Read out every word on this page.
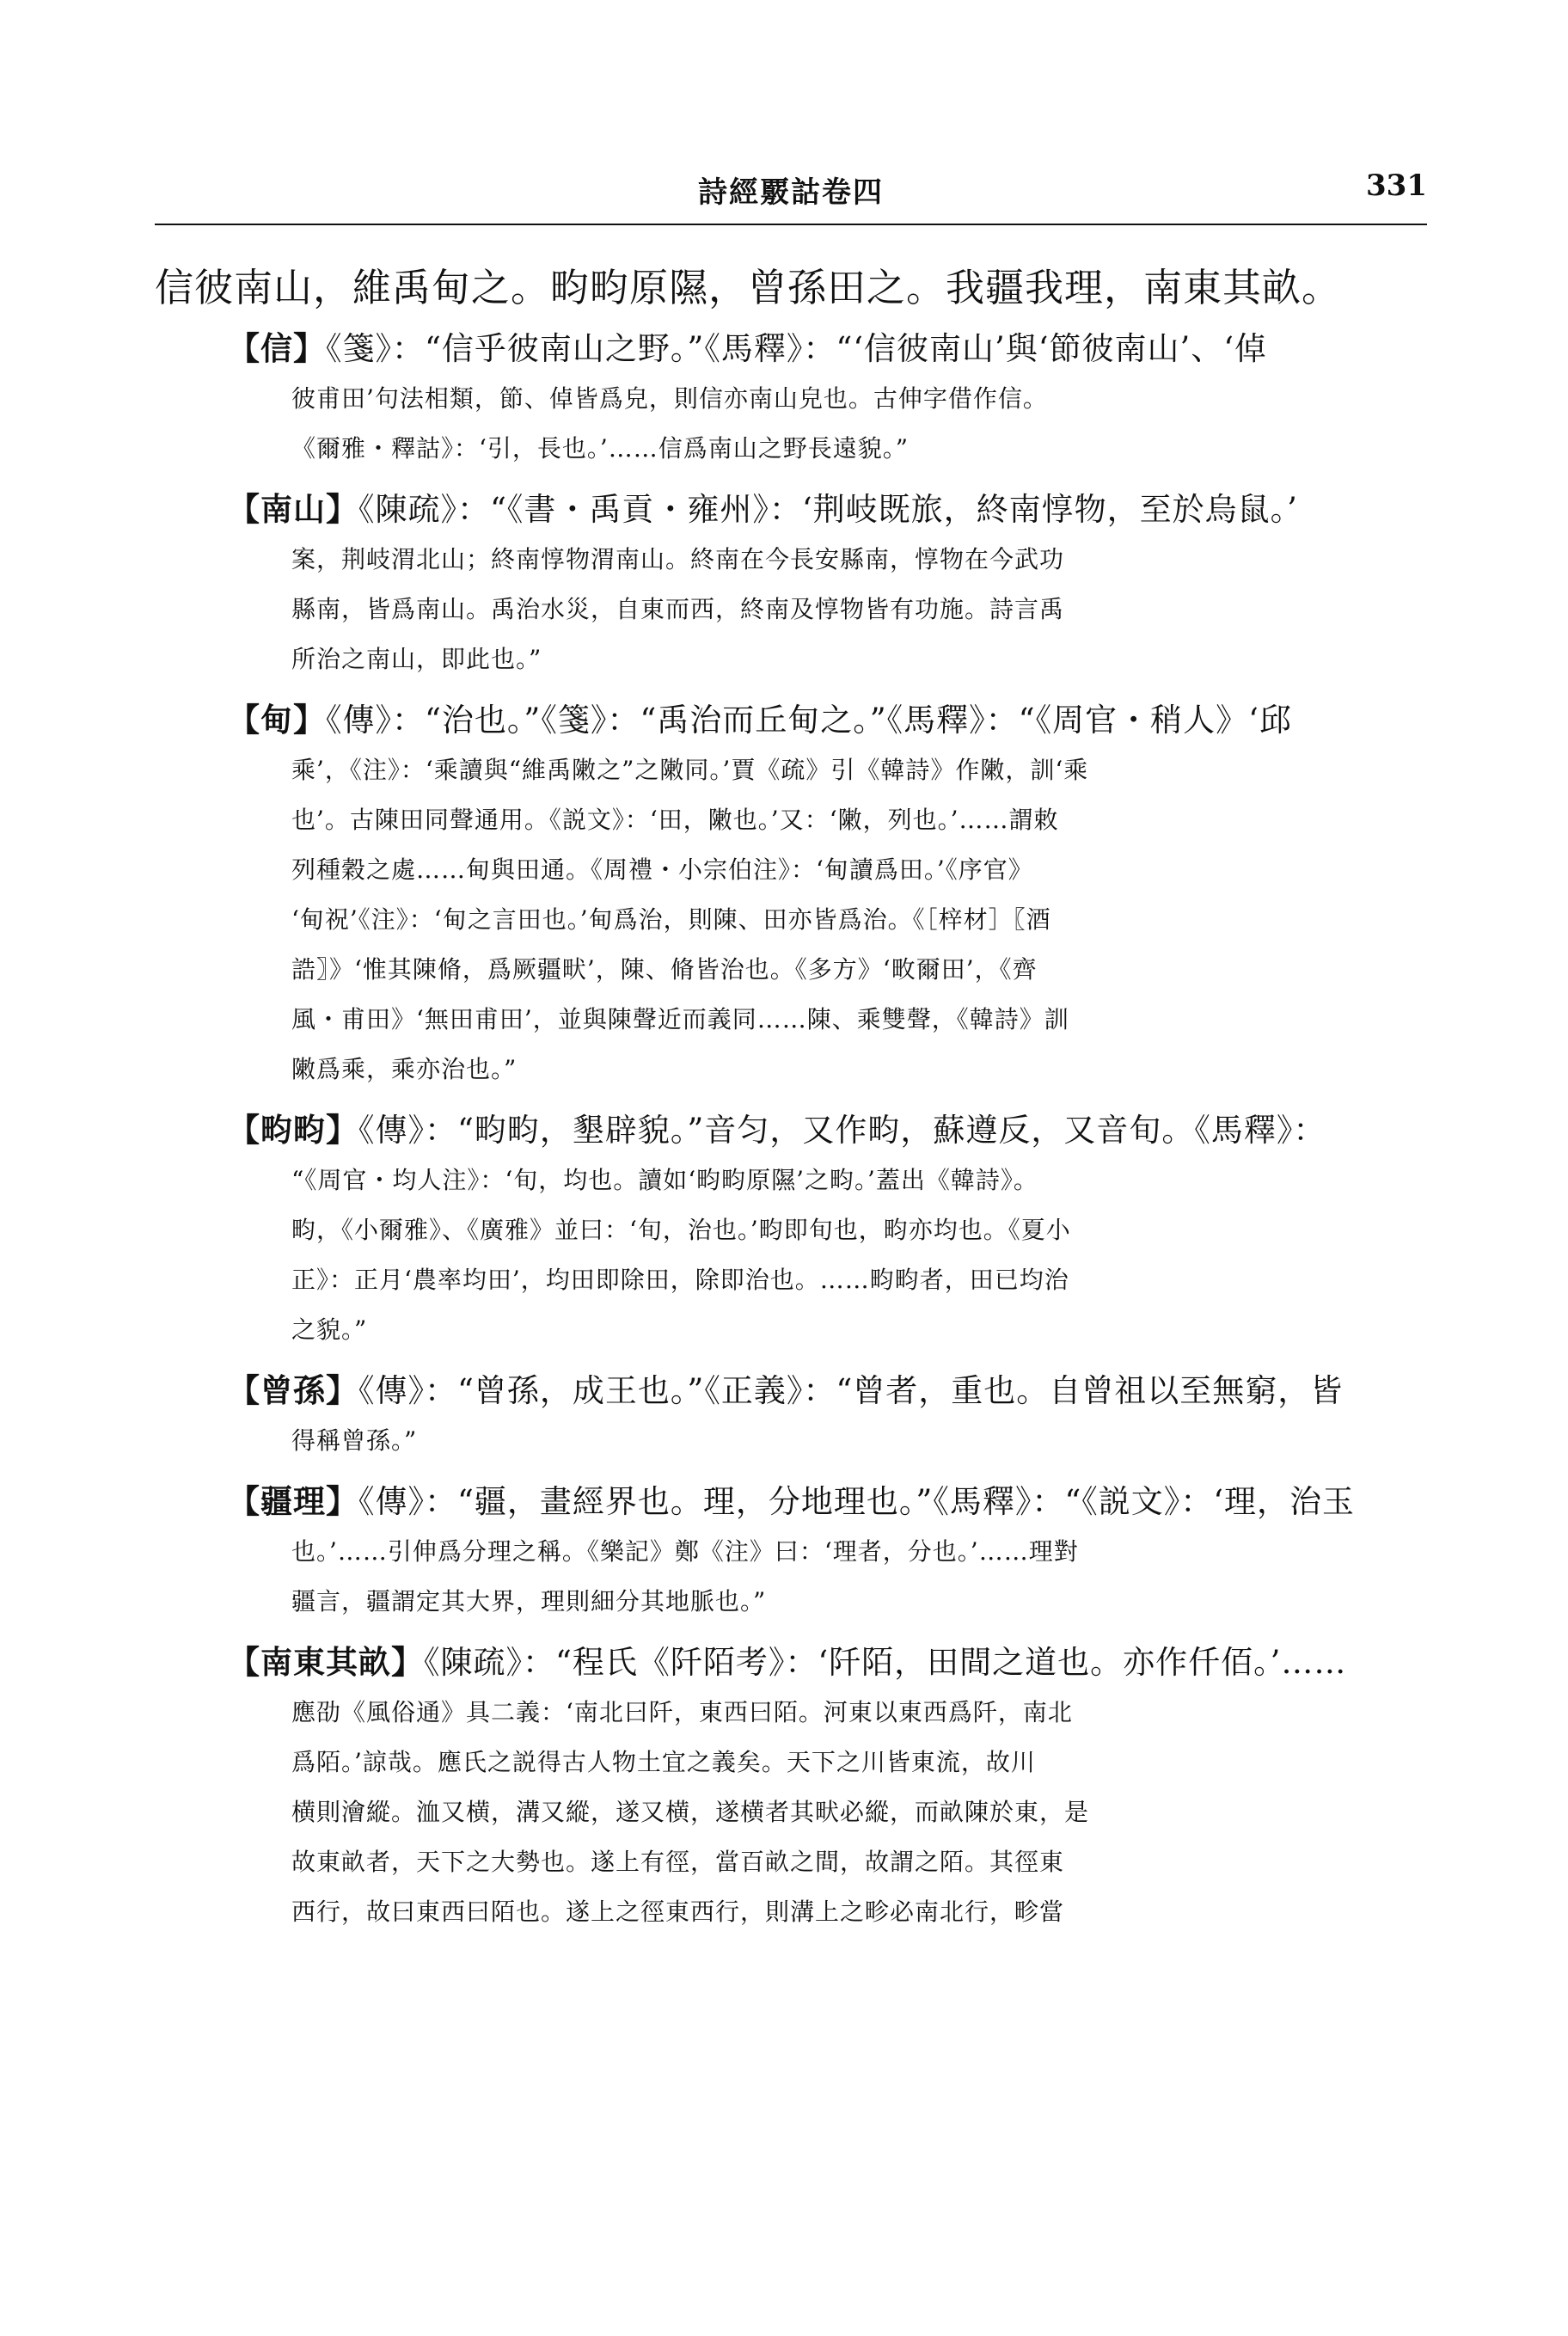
詩經覈詁卷四	331
信彼南山，維禹甸之。畇畇原隰，曾孫田之。我疆我理，南東其畝。
【信】《箋》：“信乎彼南山之野。”《馬釋》：“‘信彼南山’與‘節彼南山’、‘倬
彼甫田’句法相類，節、倬皆爲皃，則信亦南山皃也。古伸字借作信。
《爾雅・釋詁》：‘引，長也。’……信爲南山之野長遠貌。”
【南山】《陳疏》：“《書・禹貢・雍州》：‘荆岐既旅，終南惇物，至於烏鼠。’
案，荆岐渭北山；終南惇物渭南山。終南在今長安縣南，惇物在今武功
縣南，皆爲南山。禹治水災，自東而西，終南及惇物皆有功施。詩言禹
所治之南山，即此也。”
【甸】《傳》：“治也。”《箋》：“禹治而丘甸之。”《馬釋》：“《周官・稍人》‘邱
乘’，《注》：‘乘讀與“維禹敶之”之敶同。’賈《疏》引《韓詩》作敶，訓‘乘
也’。古陳田同聲通用。《説文》：‘田，敶也。’又：‘敶，列也。’……謂敕
列種穀之處……甸與田通。《周禮・小宗伯注》：‘甸讀爲田。’《序官》
‘甸祝’《注》：‘甸之言田也。’甸爲治，則陳、田亦皆爲治。《［梓材］〖酒
誥〗》‘惟其陳脩，爲厥疆畎’，陳、脩皆治也。《多方》‘畋爾田’，《齊
風・甫田》‘無田甫田’，並與陳聲近而義同……陳、乘雙聲，《韓詩》訓
敶爲乘，乘亦治也。”
【畇畇】《傳》：“畇畇，墾辟貌。”音匀，又作畇，蘇遵反，又音旬。《馬釋》：
“《周官・均人注》：‘旬，均也。讀如‘畇畇原隰’之畇。’蓋出《韓詩》。
畇，《小爾雅》、《廣雅》並曰：‘旬，治也。’畇即旬也，畇亦均也。《夏小
正》：正月‘農率均田’，均田即除田，除即治也。……畇畇者，田已均治
之貌。”
【曾孫】《傳》：“曾孫，成王也。”《正義》：“曾者，重也。自曾祖以至無窮，皆
得稱曾孫。”
【疆理】《傳》：“疆，畫經界也。理，分地理也。”《馬釋》：“《説文》：‘理，治玉
也。’……引伸爲分理之稱。《樂記》鄭《注》曰：‘理者，分也。’……理對
疆言，疆謂定其大界，理則細分其地脈也。”
【南東其畝】《陳疏》：“程氏《阡陌考》：‘阡陌，田間之道也。亦作仟佰。’……
應劭《風俗通》具二義：‘南北曰阡，東西曰陌。河東以東西爲阡，南北
爲陌。’諒哉。應氏之説得古人物土宜之義矣。天下之川皆東流，故川
横則澮縱。洫又横，溝又縱，遂又横，遂横者其畎必縱，而畝陳於東，是
故東畝者，天下之大勢也。遂上有徑，當百畝之間，故謂之陌。其徑東
西行，故曰東西曰陌也。遂上之徑東西行，則溝上之畛必南北行，畛當
